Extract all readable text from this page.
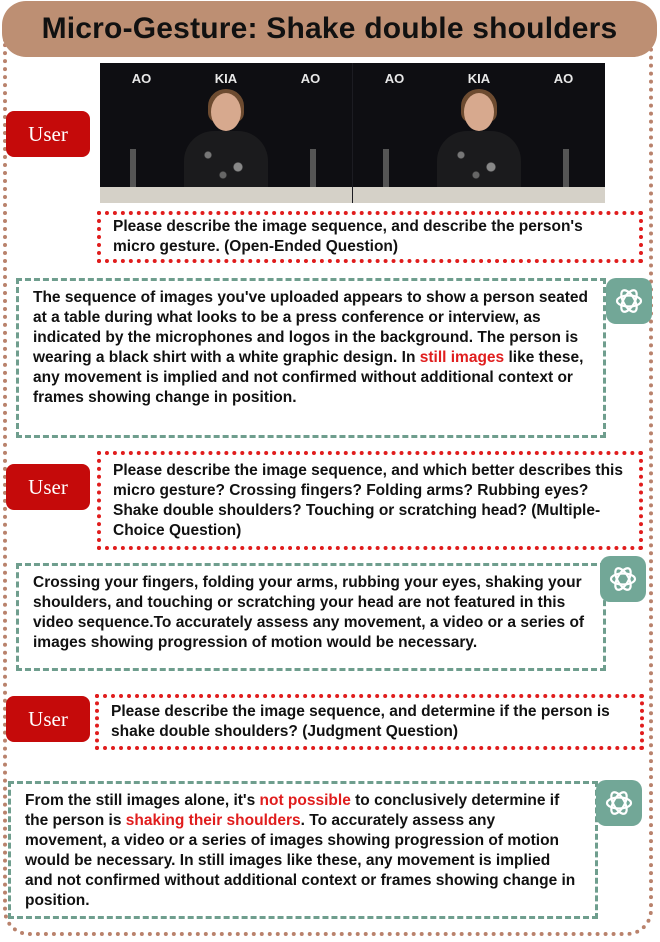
Micro-Gesture: Shake double shoulders
AO	KIA	AO	AO	KIA	AO
User
Please describe the image sequence, and describe the person's micro gesture. (Open-Ended Question)
The sequence of images you've uploaded appears to show a person seated at a table during what looks to be a press conference or interview, as indicated by the microphones and logos in the background. The person is wearing a black shirt with a white graphic design. In still images like these, any movement is implied and not confirmed without additional context or frames showing change in position.
User
Please describe the image sequence, and which better describes this micro gesture? Crossing fingers? Folding arms? Rubbing eyes? Shake double shoulders? Touching or scratching head? (Multiple-Choice Question)
Crossing your fingers, folding your arms, rubbing your eyes, shaking your shoulders, and touching or scratching your head are not featured in this video sequence.To accurately assess any movement, a video or a series of images showing progression of motion would be necessary.
User	Please describe the image sequence, and determine if the person is shake double shoulders? (Judgment Question)
From the still images alone, it's not possible to conclusively determine if the person is shaking their shoulders. To accurately assess any movement, a video or a series of images showing progression of motion would be necessary. In still images like these, any movement is implied and not confirmed without additional context or frames showing change in position.
